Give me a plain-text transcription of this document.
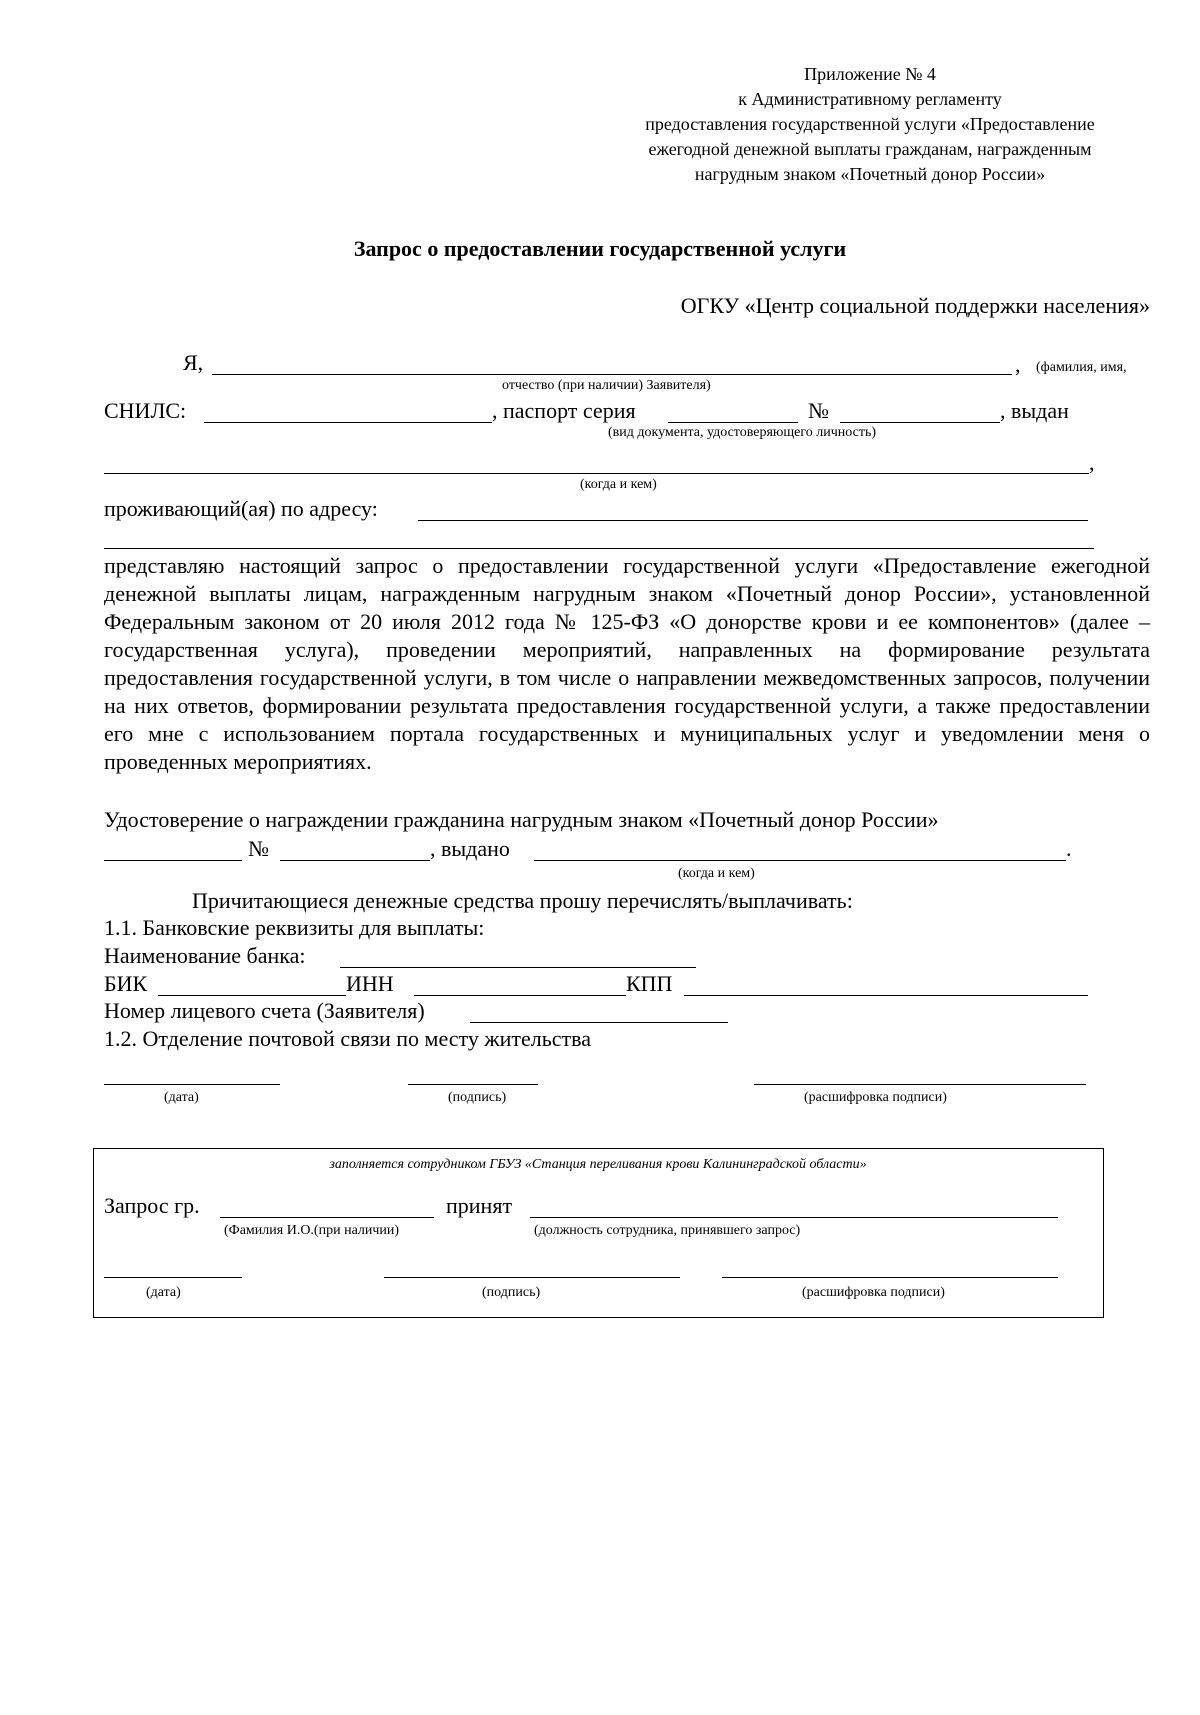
Приложение № 4
к Административному регламенту
предоставления государственной услуги «Предоставление
ежегодной денежной выплаты гражданам, награжденным
нагрудным знаком «Почетный донор России»
Запрос о предоставлении государственной услуги
ОГКУ «Центр социальной поддержки населения»
Я,	, (фамилия, имя,
отчество (при наличии) Заявителя)
СНИЛС:	, паспорт серия	№	, выдан
(вид документа, удостоверяющего личность)
,
(когда и кем)
проживающий(ая) по адресу:

представляю настоящий запрос о предоставлении государственной услуги «Предоставление ежегодной денежной выплаты лицам, награжденным нагрудным знаком «Почетный донор России», установленной Федеральным законом от 20 июля 2012 года № 125-ФЗ «О донорстве крови и ее компонентов» (далее – государственная услуга), проведении мероприятий, направленных на формирование результата предоставления государственной услуги, в том числе о направлении межведомственных запросов, получении на них ответов, формировании результата предоставления государственной услуги, а также предоставлении его мне с использованием портала государственных и муниципальных услуг и уведомлении меня о проведенных мероприятиях.

Удостоверение о награждении гражданина нагрудным знаком «Почетный донор России»
№	, выдано	.
(когда и кем)
Причитающиеся денежные средства прошу перечислять/выплачивать:
1.1. Банковские реквизиты для выплаты:
Наименование банка:
БИК	ИНН	КПП
Номер лицевого счета (Заявителя)
1.2. Отделение почтовой связи по месту жительства
(дата)	(подпись)	(расшифровка подписи)
заполняется сотрудником ГБУЗ «Станция переливания крови Калининградской области»
Запрос гр.	принят
(Фамилия И.О.(при наличии)	(должность сотрудника, принявшего запрос)
(дата)	(подпись)	(расшифровка подписи)
